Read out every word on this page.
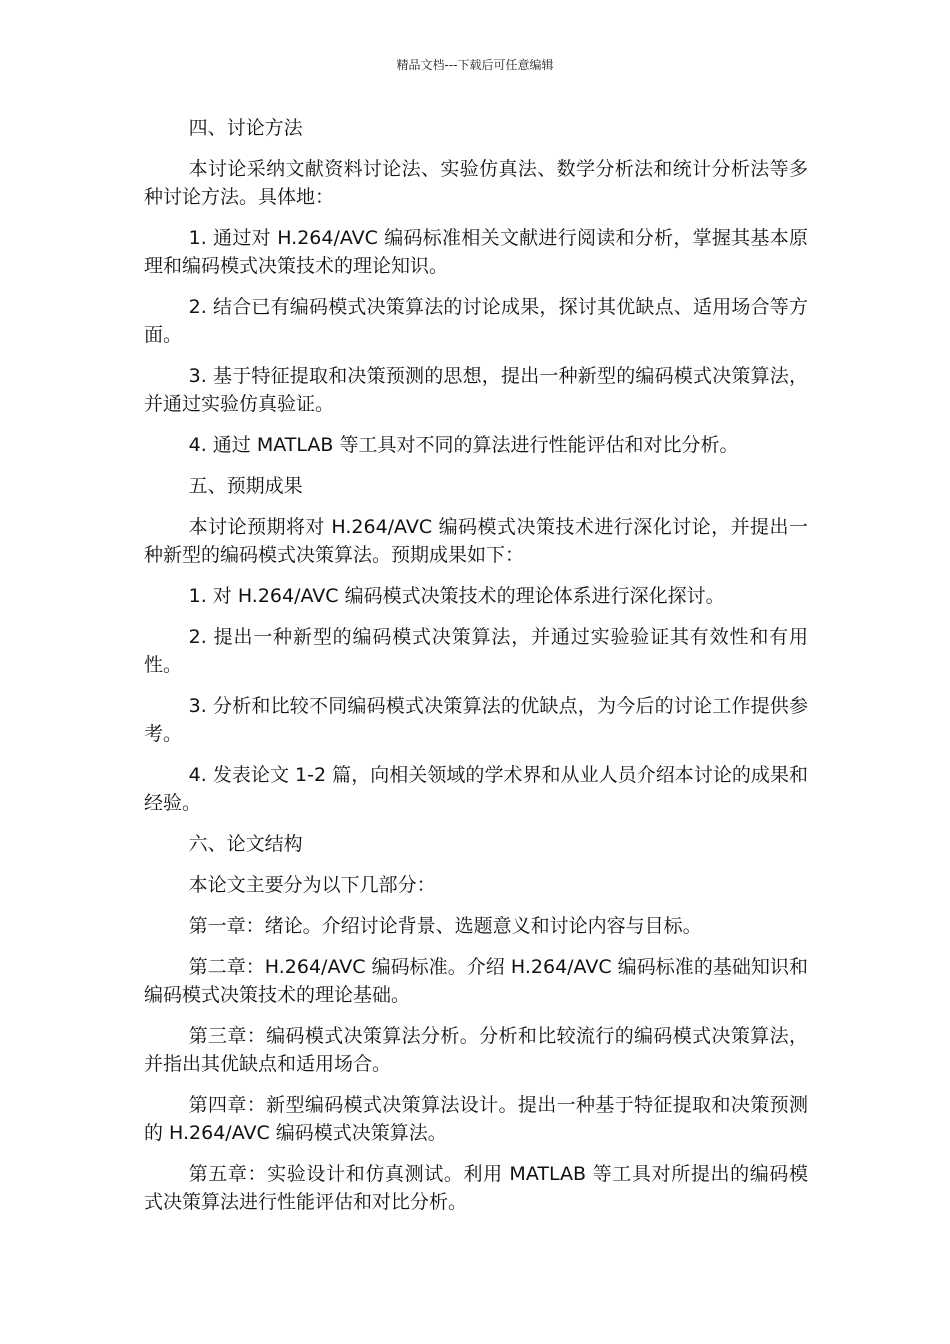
精品文档---下载后可任意编辑

四、讨论方法

本讨论采纳文献资料讨论法、实验仿真法、数学分析法和统计分析法等多种讨论方法。具体地：

1. 通过对 H.264/AVC 编码标准相关文献进行阅读和分析，掌握其基本原理和编码模式决策技术的理论知识。

2. 结合已有编码模式决策算法的讨论成果，探讨其优缺点、适用场合等方面。

3. 基于特征提取和决策预测的思想，提出一种新型的编码模式决策算法，并通过实验仿真验证。

4. 通过 MATLAB 等工具对不同的算法进行性能评估和对比分析。

五、预期成果

本讨论预期将对 H.264/AVC 编码模式决策技术进行深化讨论，并提出一种新型的编码模式决策算法。预期成果如下：

1. 对 H.264/AVC 编码模式决策技术的理论体系进行深化探讨。

2. 提出一种新型的编码模式决策算法，并通过实验验证其有效性和有用性。

3. 分析和比较不同编码模式决策算法的优缺点，为今后的讨论工作提供参考。

4. 发表论文 1-2 篇，向相关领域的学术界和从业人员介绍本讨论的成果和经验。

六、论文结构

本论文主要分为以下几部分：

第一章：绪论。介绍讨论背景、选题意义和讨论内容与目标。

第二章：H.264/AVC 编码标准。介绍 H.264/AVC 编码标准的基础知识和编码模式决策技术的理论基础。

第三章：编码模式决策算法分析。分析和比较流行的编码模式决策算法，并指出其优缺点和适用场合。

第四章：新型编码模式决策算法设计。提出一种基于特征提取和决策预测的 H.264/AVC 编码模式决策算法。

第五章：实验设计和仿真测试。利用 MATLAB 等工具对所提出的编码模式决策算法进行性能评估和对比分析。
